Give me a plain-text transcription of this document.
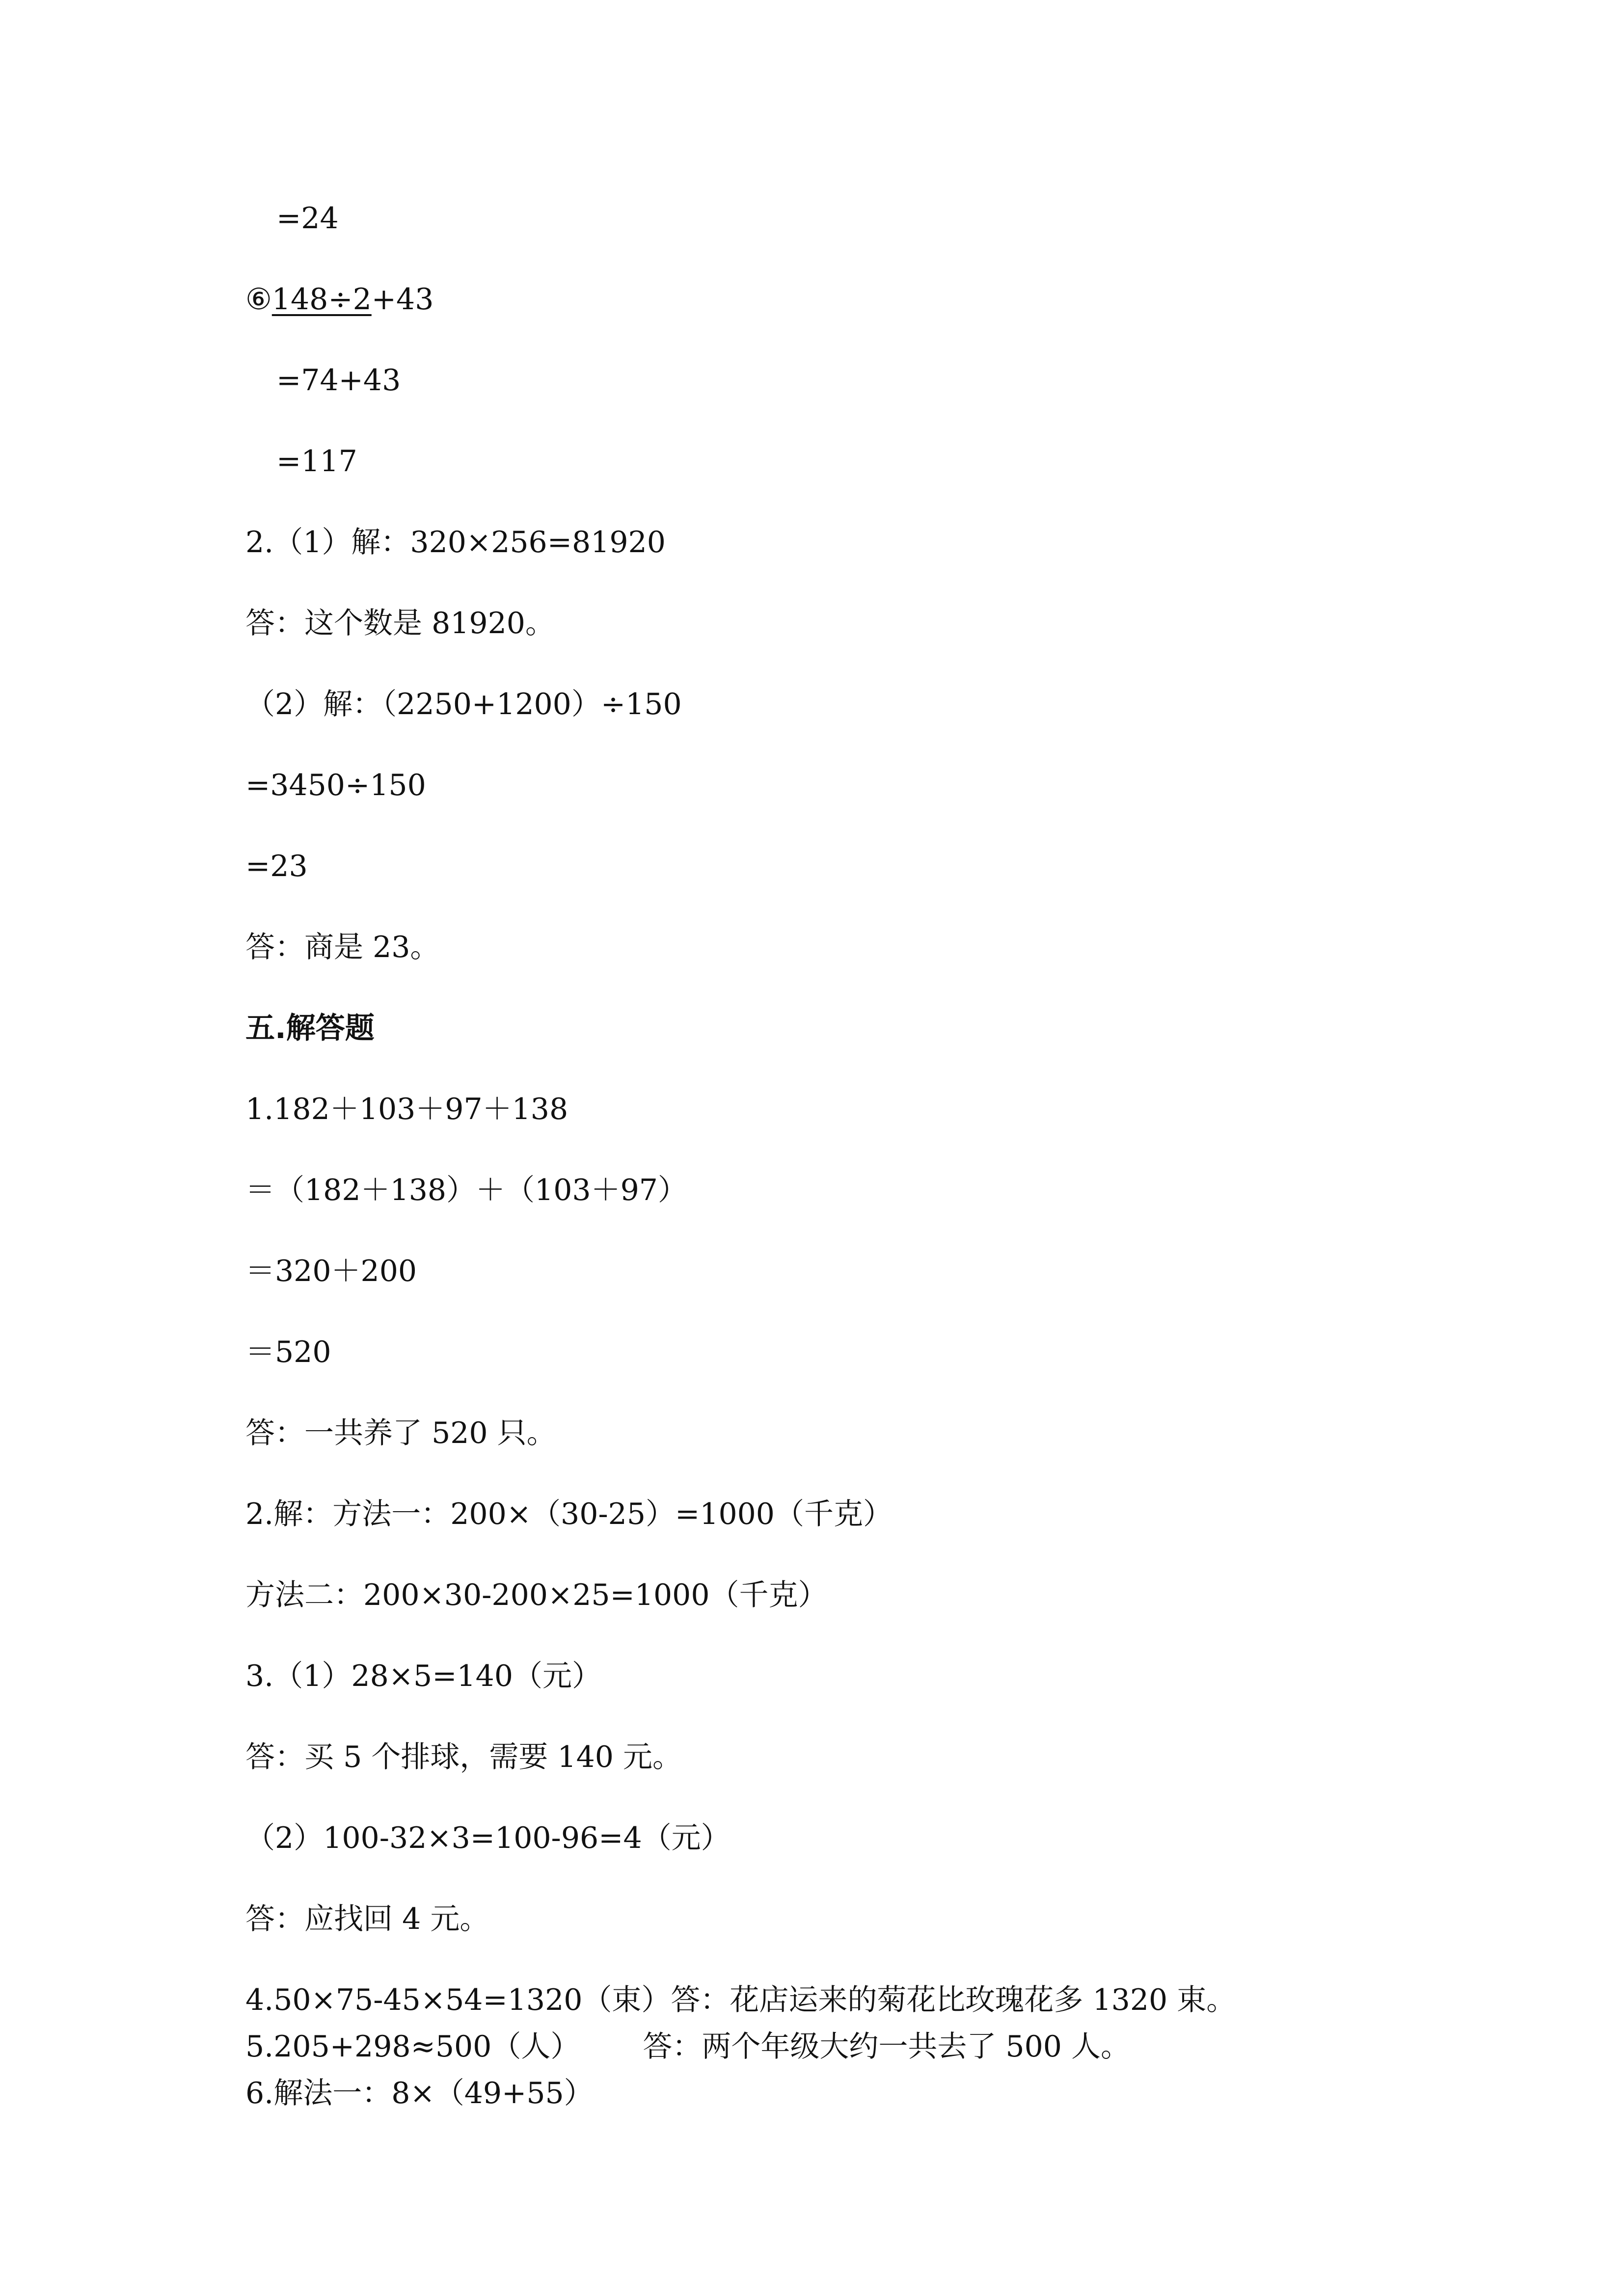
=24
⑥148÷2+43
=74+43
=117
2.（1）解：320×256=81920
答：这个数是 81920。
（2）解：（2250+1200）÷150
=3450÷150
=23
答：商是 23。
五.解答题
1.182＋103＋97＋138
＝（182＋138）＋（103＋97）
＝320＋200
＝520
答：一共养了 520 只。
2.解：方法一：200×（30-25）=1000（千克）
方法二：200×30-200×25=1000（千克）
3.（1）28×5=140（元）
答：买 5 个排球，需要 140 元。
（2）100-32×3=100-96=4（元）
答：应找回 4 元。
4.50×75-45×54=1320（束）答：花店运来的菊花比玫瑰花多 1320 束。
5.205+298≈500（人） 答：两个年级大约一共去了 500 人。
6.解法一：8×（49+55）
